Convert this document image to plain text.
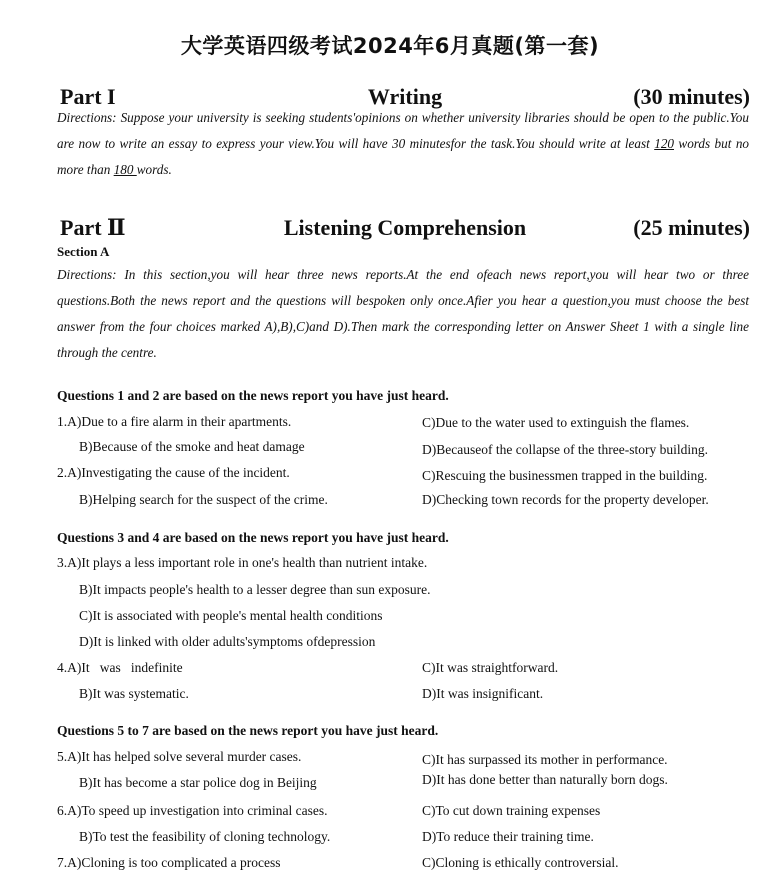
大学英语四级考试2024年6月真题(第一套)
Part I	Writing	(30 minutes)
Directions: Suppose your university is seeking students'opinions on whether university libraries should be open to the public.You are now to write an essay to express your view.You will have 30 minutesfor the task.You should write at least 120 words but no more than 180 words.
Part Ⅱ	Listening Comprehension	(25 minutes)
Section A
Directions: In this section,you will hear three news reports.At the end ofeach news report,you will hear two or three questions.Both the news report and the questions will bespoken only once.Afier you hear a question,you must choose the best answer from the four choices marked A),B),C)and D).Then mark the corresponding letter on Answer Sheet 1 with a single line through the centre.
Questions 1 and 2 are based on the news report you have just heard.
1.A)Due to a fire alarm in their apartments.	C)Due to the water used to extinguish the flames.
B)Because of the smoke and heat damage	D)Becauseof the collapse of the three-story building.
2.A)Investigating the cause of the incident.	C)Rescuing the businessmen trapped in the building.
B)Helping search for the suspect of the crime.	D)Checking town records for the property developer.
Questions 3 and 4 are based on the news report you have just heard.
3.A)It plays a less important role in one's health than nutrient intake.
B)It impacts people's health to a lesser degree than sun exposure.
C)It is associated with people's mental health conditions
D)It is linked with older adults'symptoms ofdepression
4.A)It   was   indefinite	C)It was straightforward.
B)It was systematic.	D)It was insignificant.
Questions 5 to 7 are based on the news report you have just heard.
5.A)It has helped solve several murder cases.	C)It has surpassed its mother in performance.
B)It has become a star police dog in Beijing	D)It has done better than naturally born dogs.
6.A)To speed up investigation into criminal cases.	C)To cut down training expenses
B)To test the feasibility of cloning technology.	D)To reduce their training time.
7.A)Cloning is too complicated a process	C)Cloning is ethically controversial.
